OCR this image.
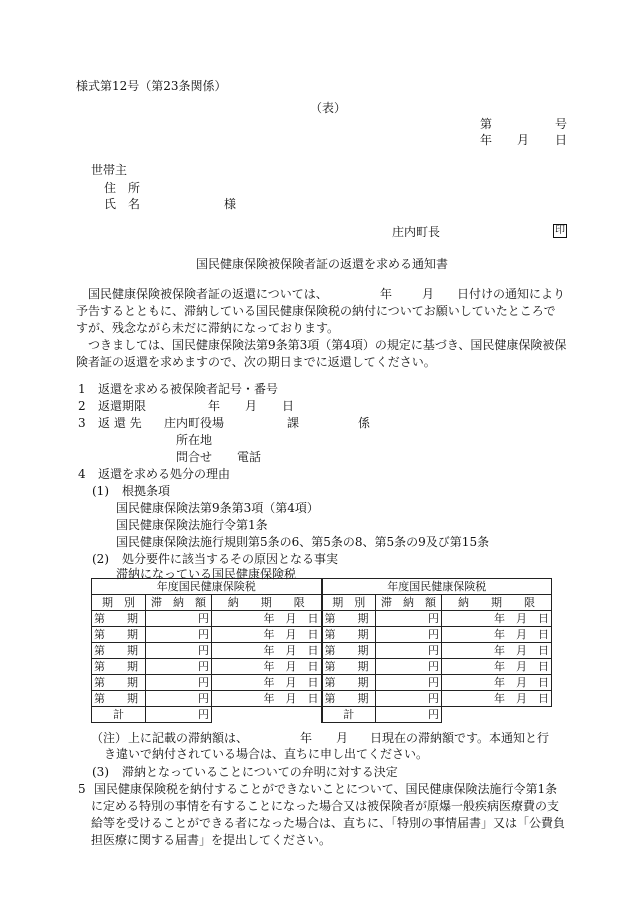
様式第12号（第23条関係）
（表）
第	号
年 月 日
世帯主
住　所
氏　名	様
庄内町長	印
国民健康保険被保険者証の返還を求める通知書
国民健康保険被保険者証の返還については、	年 月 日付けの通知により
予告するとともに、滞納している国民健康保険税の納付についてお願いしていたところで
すが、残念ながら未だに滞納になっております。
つきましては、国民健康保険法第9条第3項（第4項）の規定に基づき、国民健康保険被保
険者証の返還を求めますので、次の期日までに返還してください。
1 返還を求める被保険者記号・番号
2 返還期限	年 月 日
3 返 還 先 庄内町役場	課	係
所在地
問合せ 電話
4 返還を求める処分の理由
(1) 根拠条項
国民健康保険法第9条第3項（第4項）
国民健康保険法施行令第1条
国民健康保険法施行規則第5条の6、第5条の8、第5条の9及び第15条
(2) 処分要件に該当するその原因となる事実
滞納になっている国民健康保険税
年度国民健康保険税			年度国民健康保険税		
期　別	滞　納　額	納　　期　　限	期　別	滞　納　額	納　　期　　限
第　　期	円	年　月　日	第　　期	円	年　月　日
第　　期	円	年　月　日	第　　期	円	年　月　日
第　　期	円	年　月　日	第　　期	円	年　月　日
第　　期	円	年　月　日	第　　期	円	年　月　日
第　　期	円	年　月　日	第　　期	円	年　月　日
第　　期	円	年　月　日	第　　期	円	年　月　日
計	円		計	円	
（注） 上に記載の滞納額は、	年 月 日現在の滞納額です。本通知と行
き違いで納付されている場合は、直ちに申し出てください。
(3) 滞納となっていることについての弁明に対する決定
5 国民健康保険税を納付することができないことについて、国民健康保険法施行令第1条
に定める特別の事情を有することになった場合又は被保険者が原爆一般疾病医療費の支
給等を受けることができる者になった場合は、直ちに、「特別の事情届書」又は「公費負
担医療に関する届書」を提出してください。
